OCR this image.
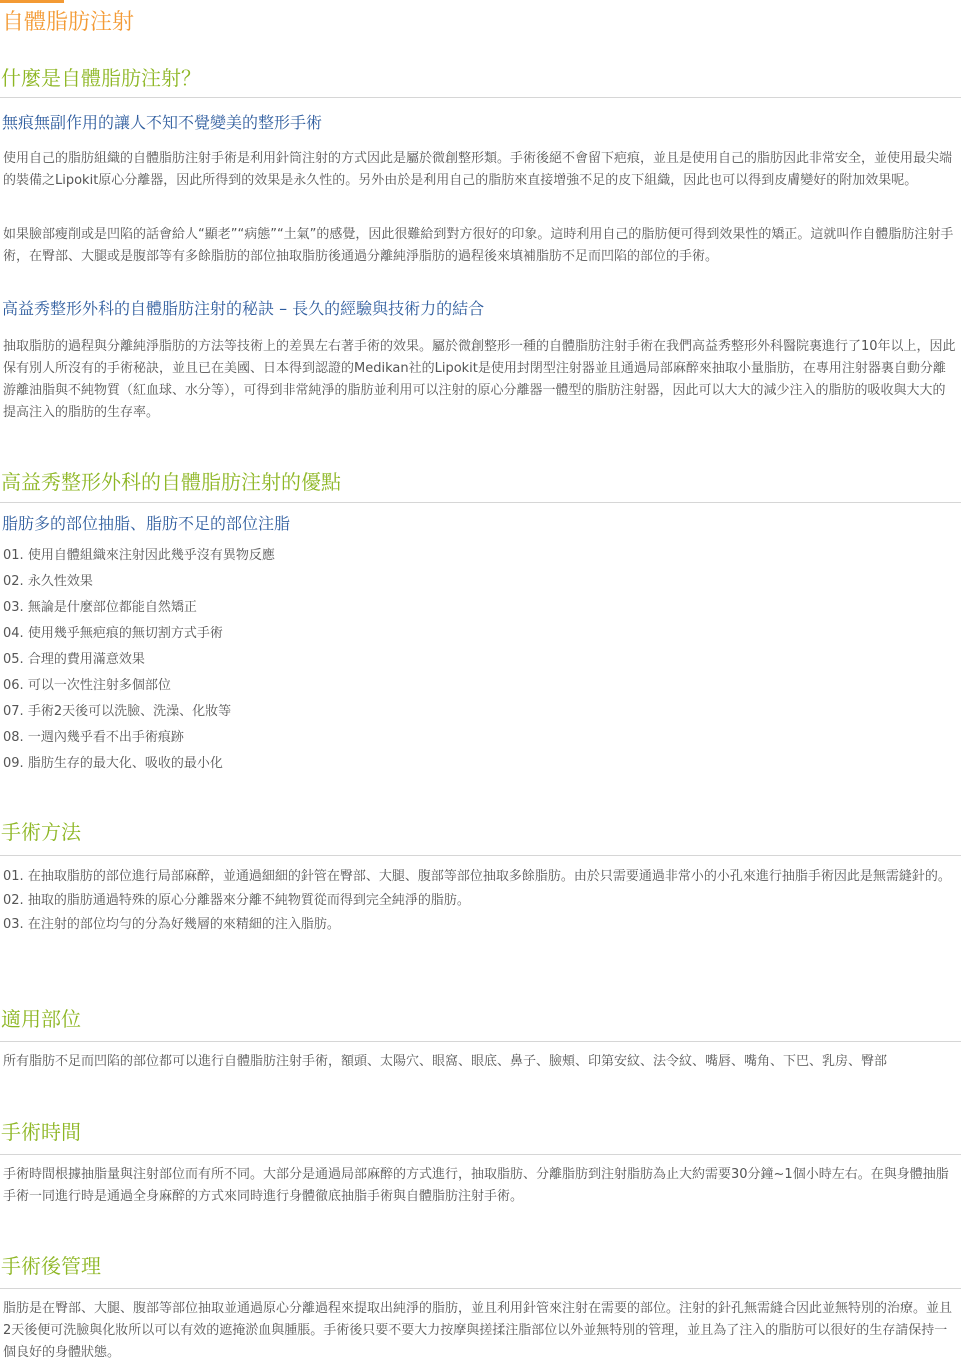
自體脂肪注射
什麼是自體脂肪注射？
無痕無副作用的讓人不知不覺變美的整形手術

使用自己的脂肪組織的自體脂肪注射手術是利用針筒注射的方式因此是屬於微創整形類。手術後絕不會留下疤痕，並且是使用自己的脂肪因此非常安全，並使用最尖端的裝備之Lipokit原心分離器，因此所得到的效果是永久性的。另外由於是利用自己的脂肪來直接增強不足的皮下組織，因此也可以得到皮膚變好的附加效果呢。

如果臉部瘦削或是凹陷的話會給人“顯老”“病態”“土氣”的感覺，因此很難給到對方很好的印象。這時利用自己的脂肪便可得到效果性的矯正。這就叫作自體脂肪注射手術，在臀部、大腿或是腹部等有多餘脂肪的部位抽取脂肪後通過分離純淨脂肪的過程後來填補脂肪不足而凹陷的部位的手術。

高益秀整形外科的自體脂肪注射的秘訣 – 長久的經驗與技術力的結合

抽取脂肪的過程與分離純淨脂肪的方法等技術上的差異左右著手術的效果。屬於微創整形一種的自體脂肪注射手術在我們高益秀整形外科醫院裏進行了10年以上，因此保有別人所沒有的手術秘訣，並且已在美國、日本得到認證的Medikan社的Lipokit是使用封閉型注射器並且通過局部麻醉來抽取小量脂肪，在專用注射器裏自動分離游離油脂與不純物質（紅血球、水分等），可得到非常純淨的脂肪並利用可以注射的原心分離器一體型的脂肪注射器，因此可以大大的減少注入的脂肪的吸收與大大的提高注入的脂肪的生存率。

高益秀整形外科的自體脂肪注射的優點
脂肪多的部位抽脂、脂肪不足的部位注脂
01.
使用自體組織來注射因此幾乎沒有異物反應
02.
永久性效果
03.
無論是什麼部位都能自然矯正
04.
使用幾乎無疤痕的無切割方式手術
05.
合理的費用滿意效果
06.
可以一次性注射多個部位
07.
手術2天後可以洗臉、洗澡、化妝等
08.
一週內幾乎看不出手術痕跡
09.
脂肪生存的最大化、吸收的最小化
手術方法
01.
在抽取脂肪的部位進行局部麻醉，並通過細細的針管在臀部、大腿、腹部等部位抽取多餘脂肪。由於只需要通過非常小的小孔來進行抽脂手術因此是無需縫針的。
02.
抽取的脂肪通過特殊的原心分離器來分離不純物質從而得到完全純淨的脂肪。
03.
在注射的部位均勻的分為好幾層的來精細的注入脂肪。
適用部位

所有脂肪不足而凹陷的部位都可以進行自體脂肪注射手術，額頭、太陽穴、眼窩、眼底、鼻子、臉頰、印第安紋、法令紋、嘴唇、嘴角、下巴、乳房、臀部

手術時間

手術時間根據抽脂量與注射部位而有所不同。大部分是通過局部麻醉的方式進行，抽取脂肪、分離脂肪到注射脂肪為止大約需要30分鐘~1個小時左右。在與身體抽脂手術一同進行時是通過全身麻醉的方式來同時進行身體徹底抽脂手術與自體脂肪注射手術。

手術後管理

脂肪是在臀部、大腿、腹部等部位抽取並通過原心分離過程來提取出純淨的脂肪，並且利用針管來注射在需要的部位。注射的針孔無需縫合因此並無特別的治療。並且2天後便可洗臉與化妝所以可以有效的遮掩淤血與腫脹。手術後只要不要大力按摩與搓揉注脂部位以外並無特別的管理，並且為了注入的脂肪可以很好的生存請保持一個良好的身體狀態。
